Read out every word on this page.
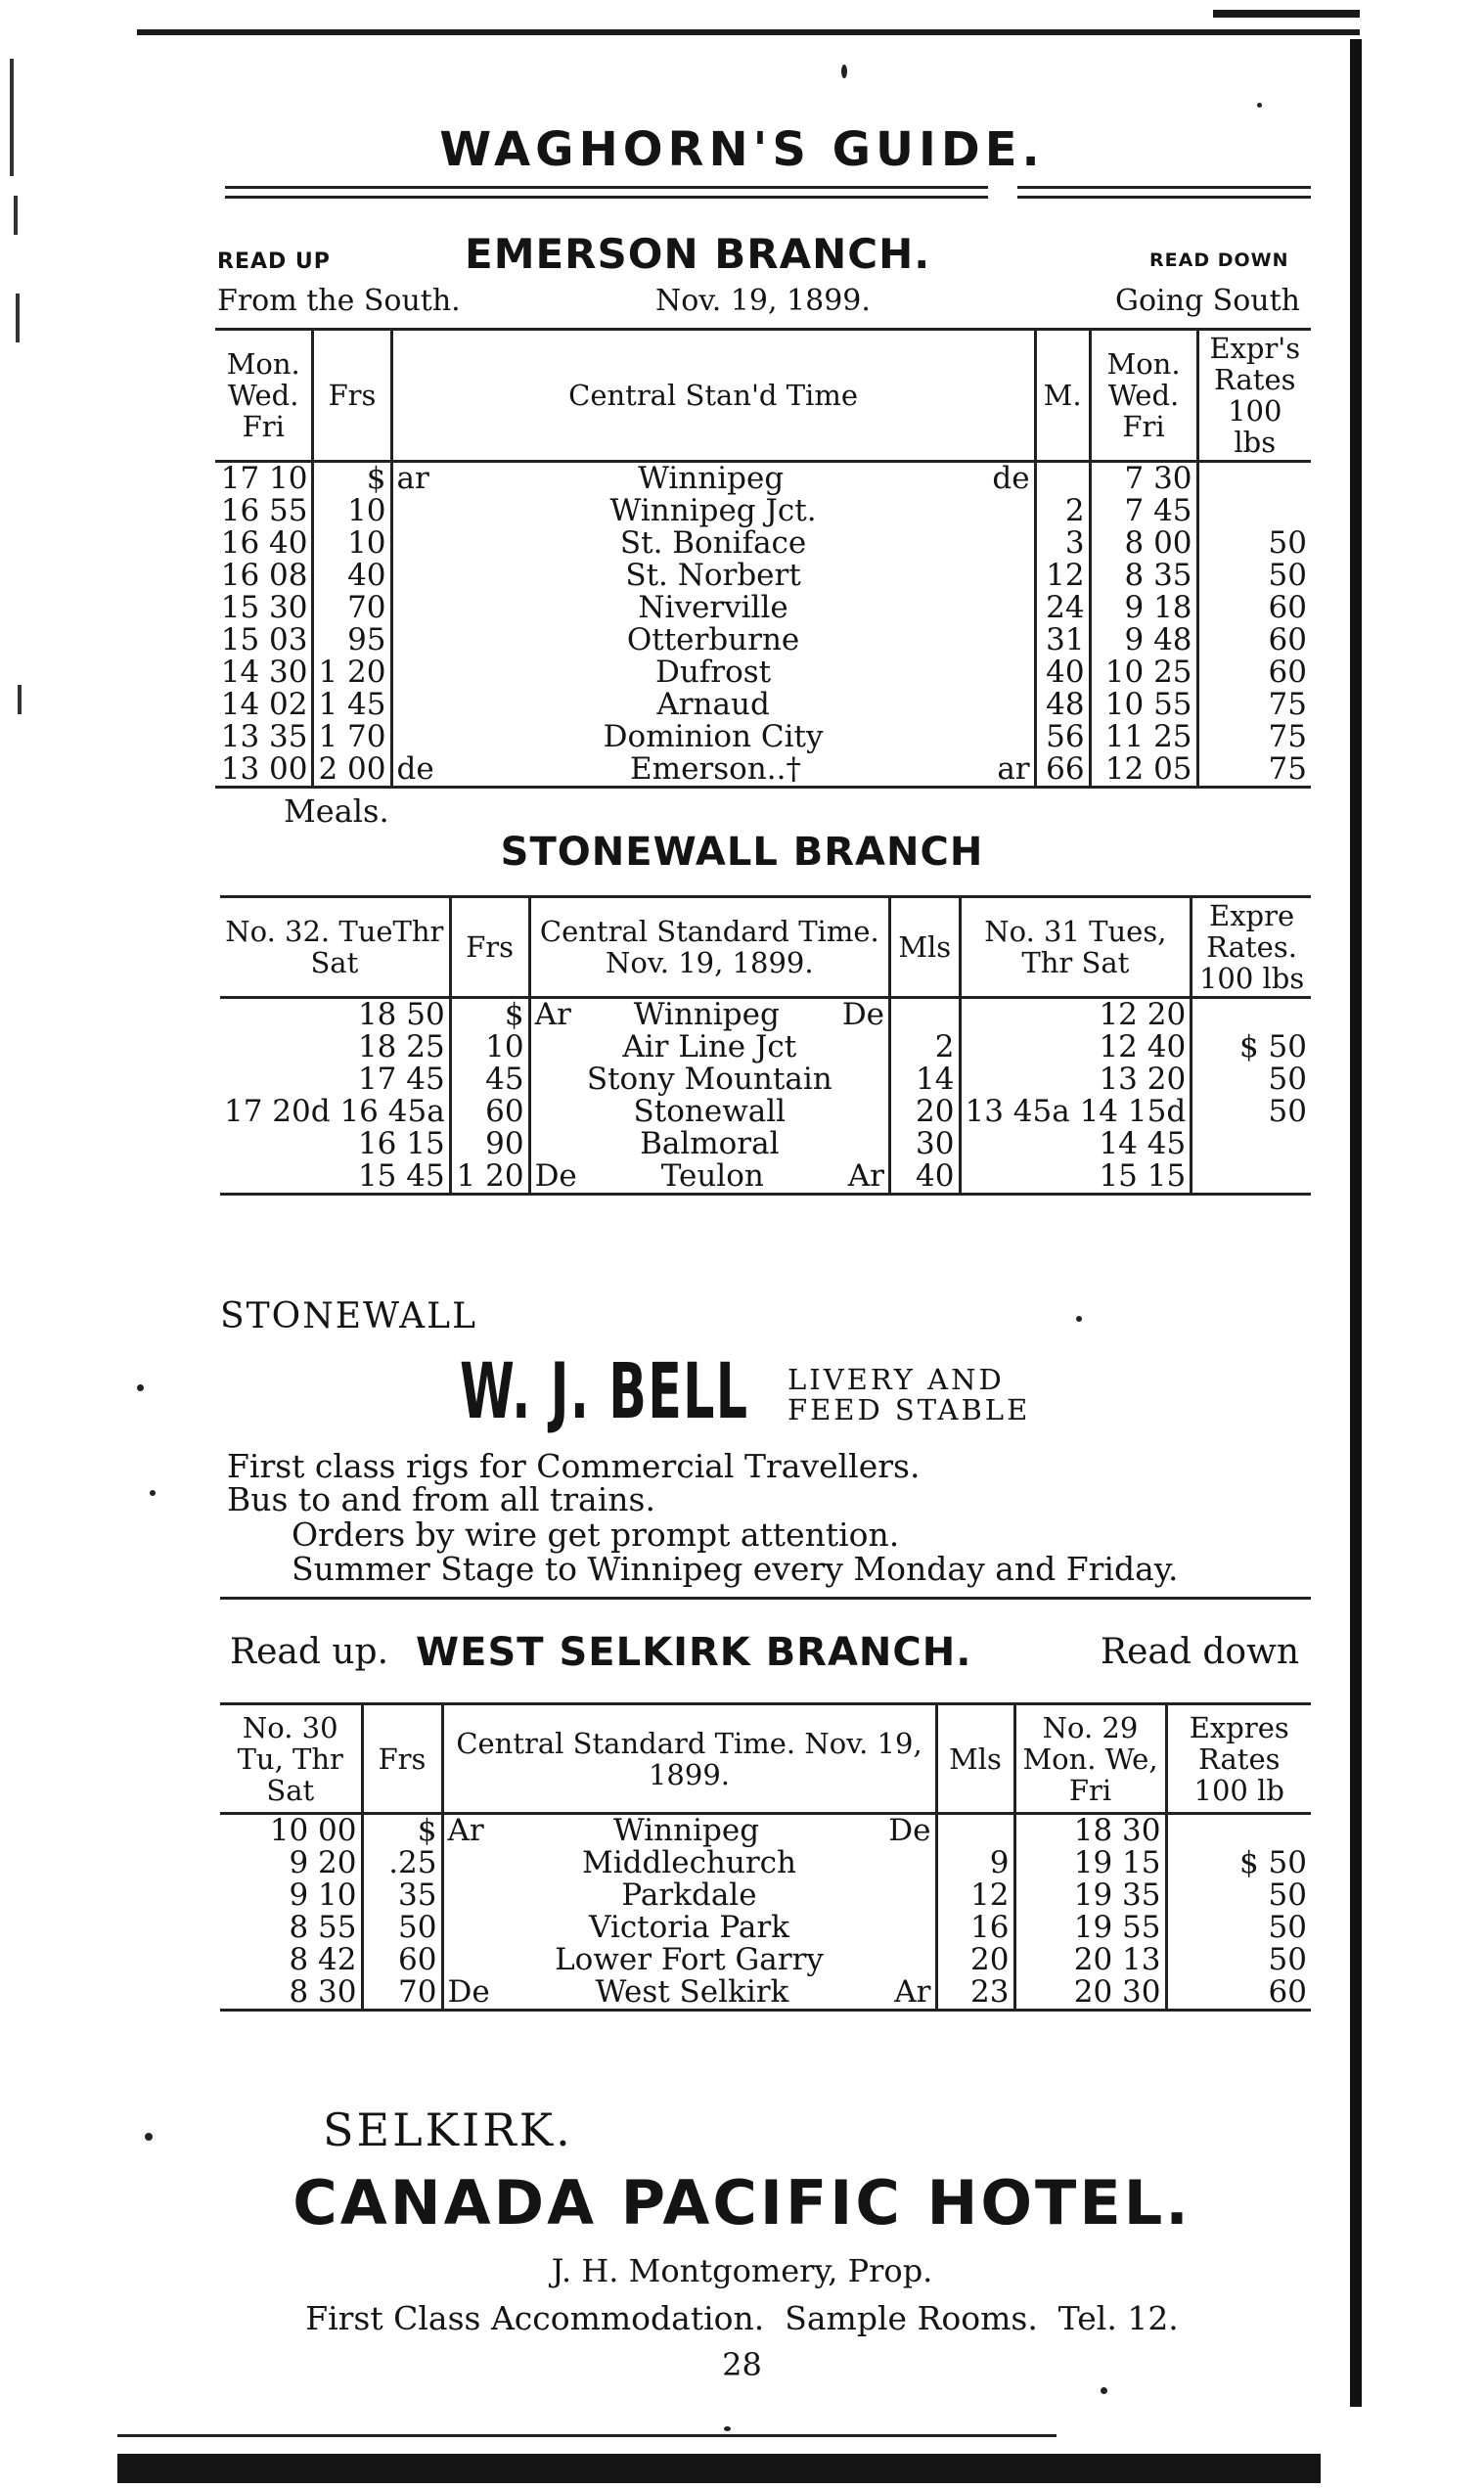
WAGHORN'S GUIDE.
READ UP	EMERSON BRANCH.	READ DOWN
From the South.	Nov. 19, 1899.	Going South
Mon. Wed. Fri	Frs	Central Stan'd Time	M.	Mon. Wed. Fri	Expr's Rates 100 lbs
17 10	$	ar Winnipeg de		7 30	
16 55	10	Winnipeg Jct.	2	7 45	
16 40	10	St. Boniface	3	8 00	50
16 08	40	St. Norbert	12	8 35	50
15 30	70	Niverville	24	9 18	60
15 03	95	Otterburne	31	9 48	60
14 30	1 20	Dufrost	40	10 25	60
14 02	1 45	Arnaud	48	10 55	75
13 35	1 70	Dominion City	56	11 25	75
13 00	2 00	de Emerson..† ar	66	12 05	75
Meals.
STONEWALL BRANCH
No. 32. TueThr Sat	Frs	Central Standard Time. Nov. 19, 1899.	Mls	No. 31 Tues, Thr Sat	Expre Rates. 100 lbs
18 50	$	Ar Winnipeg De		12 20	
18 25	10	Air Line Jct	2	12 40	$ 50
17 45	45	Stony Mountain	14	13 20	50
17 20d 16 45a	60	Stonewall	20	13 45a 14 15d	50
16 15	90	Balmoral	30	14 45	
15 45	1 20	De Teulon Ar	40	15 15	
STONEWALL
W. J. BELL LIVERY AND
FEED STABLE
First class rigs for Commercial Travellers.
Bus to and from all trains.
Orders by wire get prompt attention.
Summer Stage to Winnipeg every Monday and Friday.
Read up. WEST SELKIRK BRANCH.	Read down
No. 30 Tu, Thr Sat	Frs	Central Standard Time. Nov. 19, 1899.	Mls	No. 29 Mon. We, Fri	Expres Rates 100 lb
10 00	$	Ar Winnipeg De		18 30	
9 20	.25	Middlechurch	9	19 15	$ 50
9 10	35	Parkdale	12	19 35	50
8 55	50	Victoria Park	16	19 55	50
8 42	60	Lower Fort Garry	20	20 13	50
8 30	70	De West Selkirk Ar	23	20 30	60
SELKIRK.
CANADA PACIFIC HOTEL.
J. H. Montgomery, Prop.
First Class Accommodation.  Sample Rooms.  Tel. 12.
28
